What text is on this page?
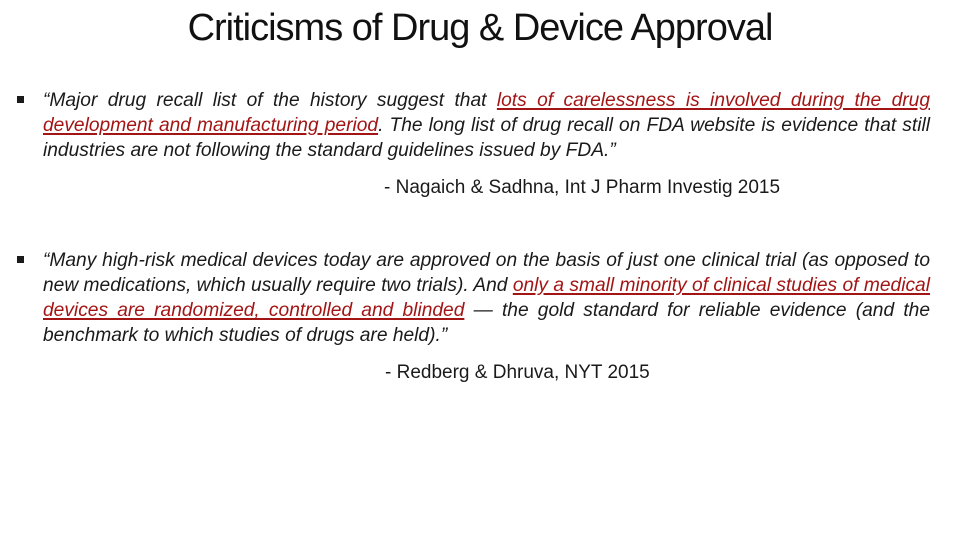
Criticisms of Drug & Device Approval

“Major drug recall list of the history suggest that lots of carelessness is involved during the drug development and manufacturing period. The long list of drug recall on FDA website is evidence that still industries are not following the standard guidelines issued by FDA.”

- Nagaich & Sadhna, Int J Pharm Investig 2015

“Many high-risk medical devices today are approved on the basis of just one clinical trial (as opposed to new medications, which usually require two trials). And only a small minority of clinical studies of medical devices are randomized, controlled and blinded — the gold standard for reliable evidence (and the benchmark to which studies of drugs are held).”

- Redberg & Dhruva, NYT 2015
